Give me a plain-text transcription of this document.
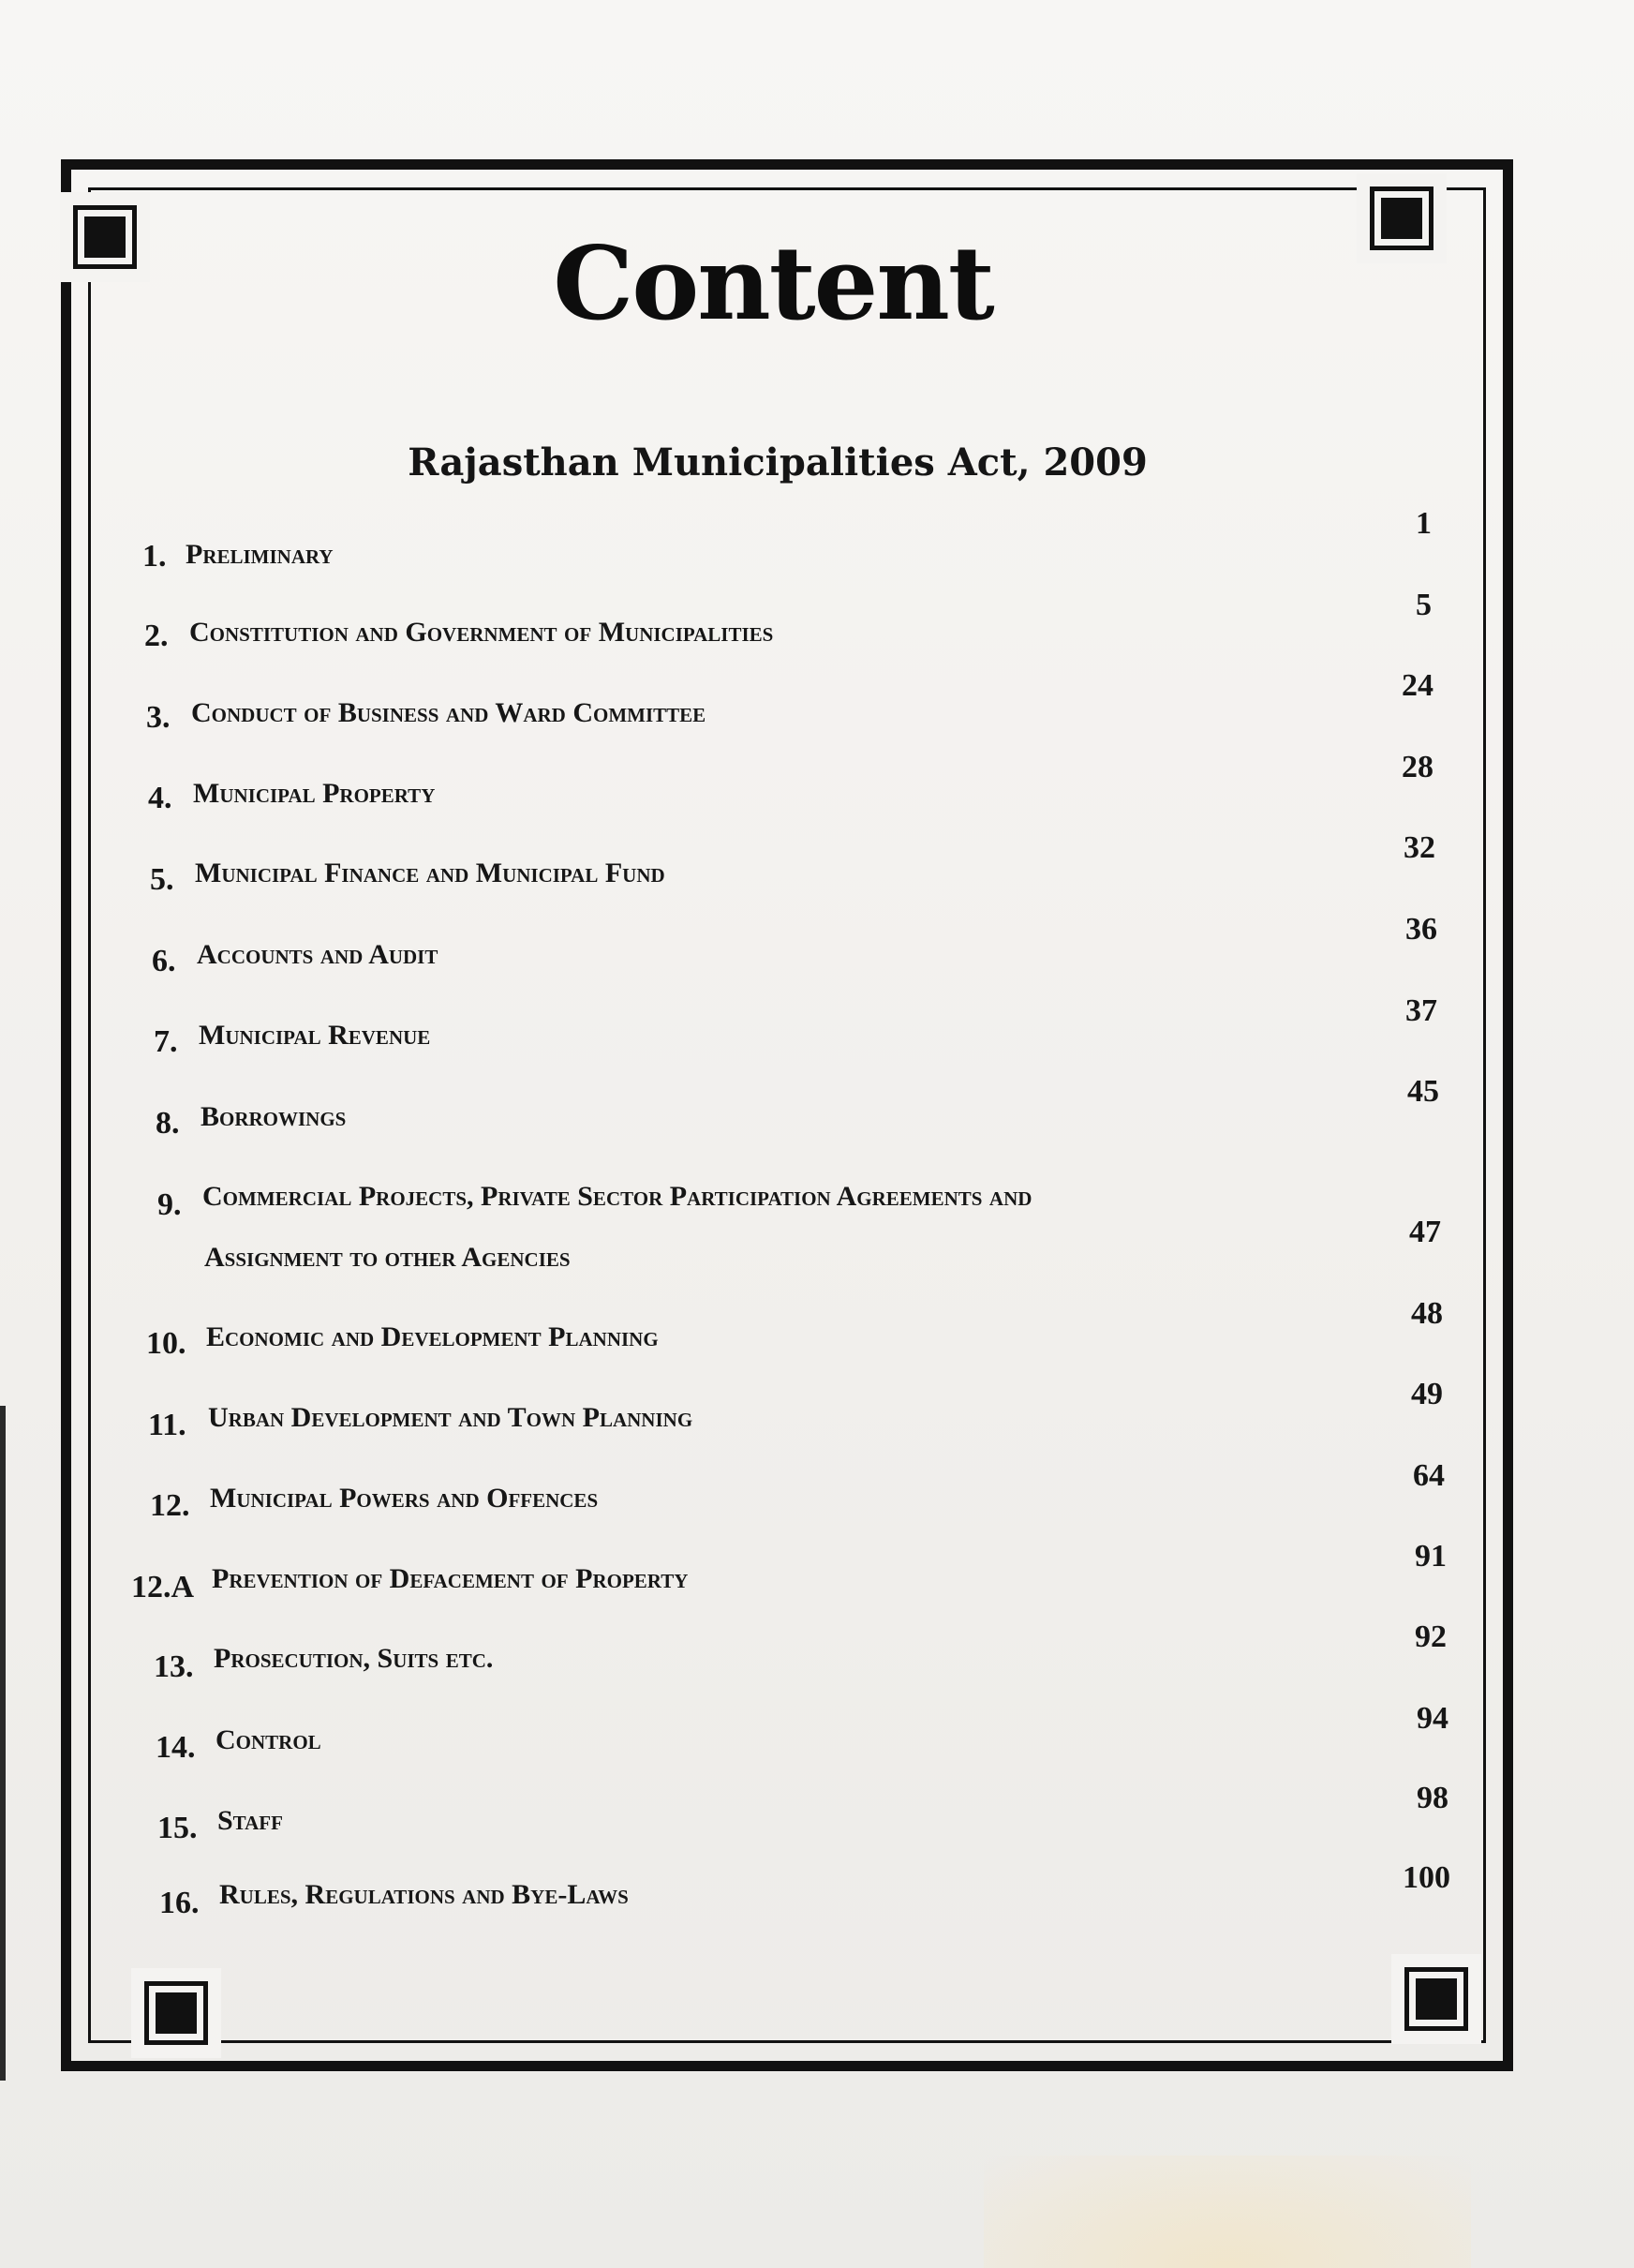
Content
Rajasthan Municipalities Act, 2009
1. Preliminary
1
2. Constitution and Government of Municipalities
5
3. Conduct of Business and Ward Committee
24
4. Municipal Property
28
5. Municipal Finance and Municipal Fund
32
6. Accounts and Audit
36
7. Municipal Revenue
37
8. Borrowings
45
9. Commercial Projects, Private Sector Participation Agreements and
Assignment to other Agencies
47
10. Economic and Development Planning
48
11. Urban Development and Town Planning
49
12. Municipal Powers and Offences
64
12.A Prevention of Defacement of Property
91
13. Prosecution, Suits etc.
92
14. Control
94
15. Staff
98
16. Rules, Regulations and Bye-Laws	100
